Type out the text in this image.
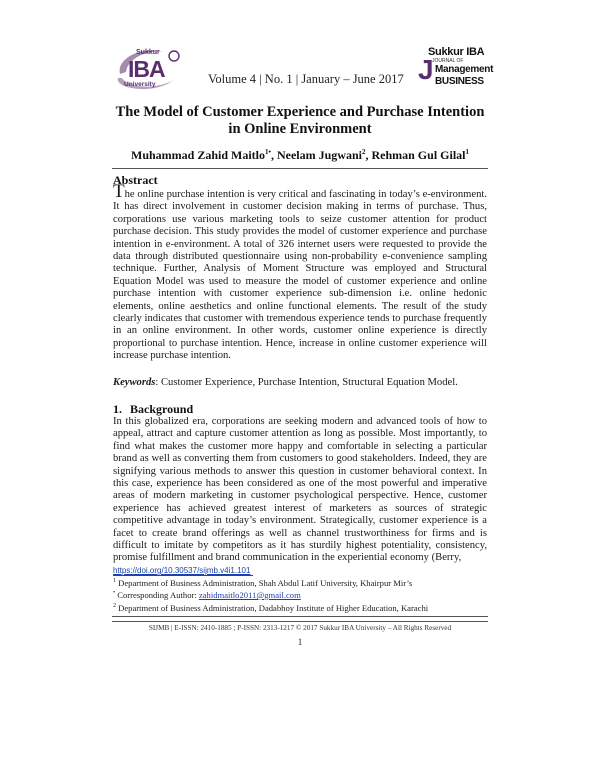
Sukkur
IBA
University	Volume 4 | No. 1 | January – June 2017
Sukkur IBA
JOURNAL OF
J Management
BUSINESS
The Model of Customer Experience and Purchase Intention in Online Environment
Muhammad Zahid Maitlo$^{1•}$, Neelam Jugwani$^2$, Rehman Gul Gilal$^1$
Abstract
The online purchase intention is very critical and fascinating in today’s e-environment. It has direct involvement in customer decision making in terms of purchase. Thus, corporations use various marketing tools to seize customer attention for product purchase decision. This study provides the model of customer experience and purchase intention in e-environment. A total of 326 internet users were requested to provide the data through distributed questionnaire using non-probability e-convenience sampling technique. Further, Analysis of Moment Structure was employed and Structural Equation Model was used to measure the model of customer experience and online purchase intention with customer experience sub-dimension i.e. online hedonic elements, online aesthetics and online functional elements. The result of the study clearly indicates that customer with tremendous experience tends to purchase frequently in an online environment. In other words, customer online experience is directly proportional to purchase intention. Hence, increase in online customer experience will increase purchase intention.
Keywords: Customer Experience, Purchase Intention, Structural Equation Model.
1. Background
In this globalized era, corporations are seeking modern and advanced tools of how to appeal, attract and capture customer attention as long as possible. Most importantly, to find what makes the customer more happy and comfortable in selecting a particular brand as well as converting them from customers to good stakeholders. Indeed, they are signifying various methods to answer this question in customer behavioral context. In this case, experience has been considered as one of the most powerful and imperative areas of modern marketing in customer psychological perspective. Hence, customer experience has achieved greatest interest of marketers as sources of strategic competitive advantage in today’s environment. Strategically, customer experience is a facet to create brand offerings as well as channel trustworthiness for firms and is difficult to imitate by competitors as it has sturdily highest potentiality, consistency, promise fulfillment and brand communication in the experiential economy (Berry,
https://doi.org/10.30537/sijmb.v4i1.101
$^1$ Department of Business Administration, Shah Abdul Latif University, Khairpur Mir’s
• Corresponding Author: zahidmaitlo2011@gmail.com
$^2$ Department of Business Administration, Dadabhoy Institute of Higher Education, Karachi
SIJMB | E-ISSN: 2410-1885 ; P-ISSN: 2313-1217 © 2017 Sukkur IBA University – All Rights Reserved
1
